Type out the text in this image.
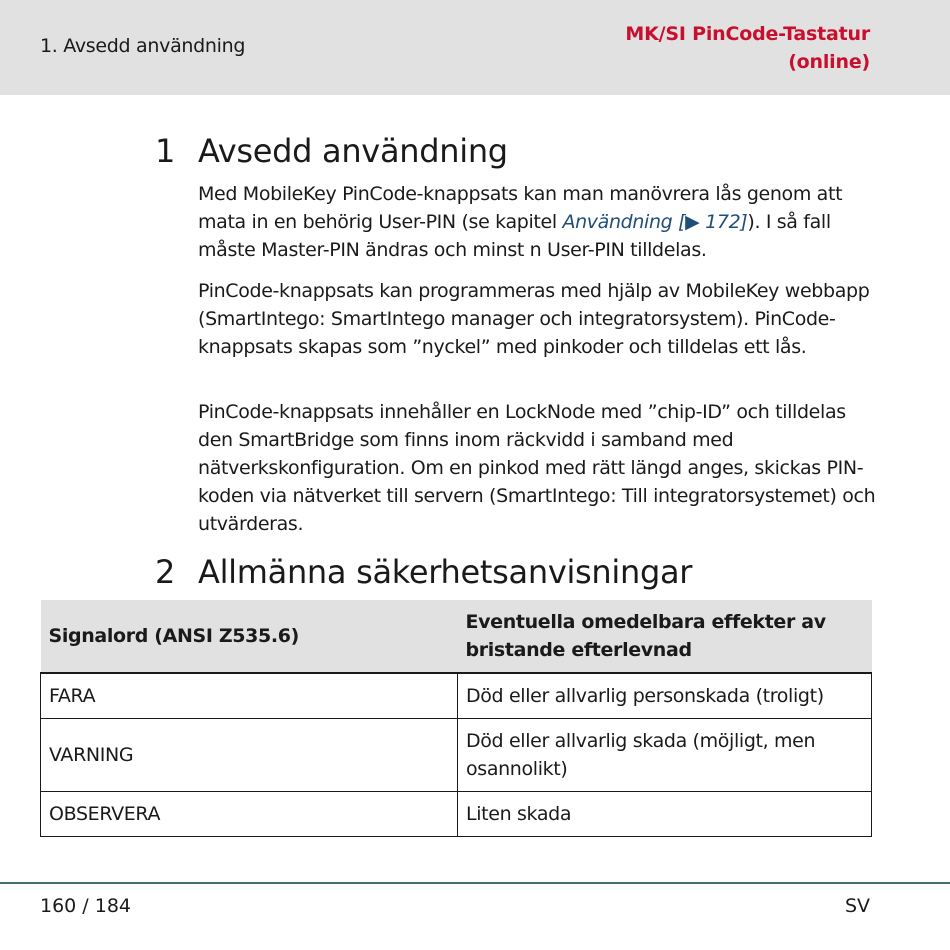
1. Avsedd användning
MK/SI PinCode-Tastatur
(online)
1 Avsedd användning
Med MobileKey PinCode-knappsats kan man manövrera lås genom att mata in en behörig User-PIN (se kapitel Användning [▶ 172]). I så fall måste Master-PIN ändras och minst n User-PIN tilldelas.
PinCode-knappsats kan programmeras med hjälp av MobileKey webbapp (SmartIntego: SmartIntego manager och integratorsystem). PinCode-knappsats skapas som ”nyckel” med pinkoder och tilldelas ett lås.
PinCode-knappsats innehåller en LockNode med ”chip-ID” och tilldelas den SmartBridge som finns inom räckvidd i samband med nätverkskonfiguration. Om en pinkod med rätt längd anges, skickas PIN-koden via nätverket till servern (SmartIntego: Till integratorsystemet) och utvärderas.
2 Allmänna säkerhetsanvisningar
Signalord (ANSI Z535.6)	Eventuella omedelbara effekter av bristande efterlevnad
FARA	Död eller allvarlig personskada (troligt)
VARNING	Död eller allvarlig skada (möjligt, men osannolikt)
OBSERVERA	Liten skada
160 / 184	SV
